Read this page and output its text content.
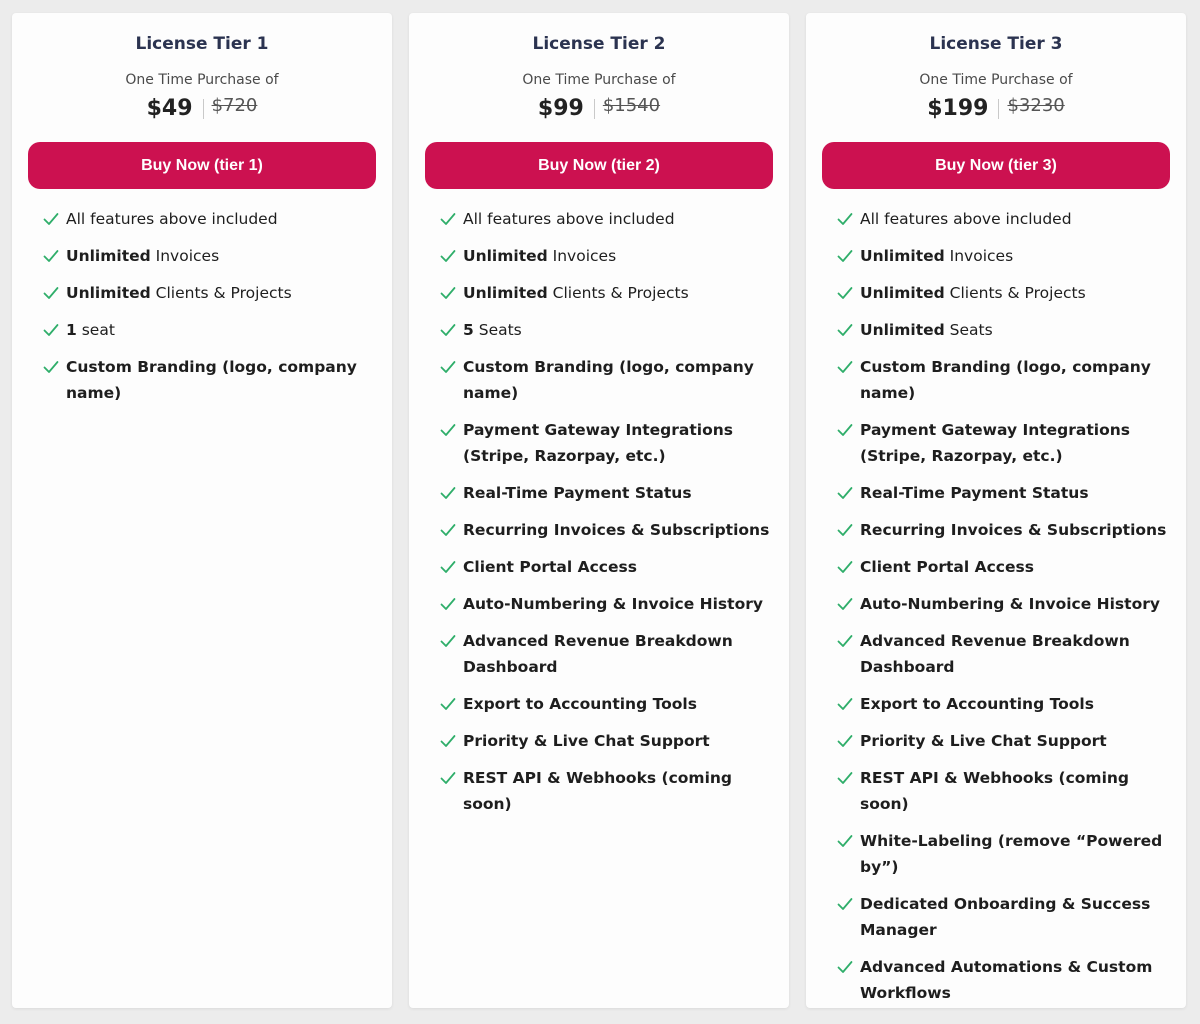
License Tier 1
One Time Purchase of
$49 $720
Buy Now (tier 1)
All features above included
Unlimited Invoices
Unlimited Clients & Projects
1 seat
Custom Branding (logo, company name)
License Tier 2
One Time Purchase of
$99 $1540
Buy Now (tier 2)
All features above included
Unlimited Invoices
Unlimited Clients & Projects
5 Seats
Custom Branding (logo, company name)
Payment Gateway Integrations (Stripe, Razorpay, etc.)
Real-Time Payment Status
Recurring Invoices & Subscriptions
Client Portal Access
Auto-Numbering & Invoice History
Advanced Revenue Breakdown Dashboard
Export to Accounting Tools
Priority & Live Chat Support
REST API & Webhooks (coming soon)
License Tier 3
One Time Purchase of
$199 $3230
Buy Now (tier 3)
All features above included
Unlimited Invoices
Unlimited Clients & Projects
Unlimited Seats
Custom Branding (logo, company name)
Payment Gateway Integrations (Stripe, Razorpay, etc.)
Real-Time Payment Status
Recurring Invoices & Subscriptions
Client Portal Access
Auto-Numbering & Invoice History
Advanced Revenue Breakdown Dashboard
Export to Accounting Tools
Priority & Live Chat Support
REST API & Webhooks (coming soon)
White-Labeling (remove “Powered by”)
Dedicated Onboarding & Success Manager
Advanced Automations & Custom Workflows
